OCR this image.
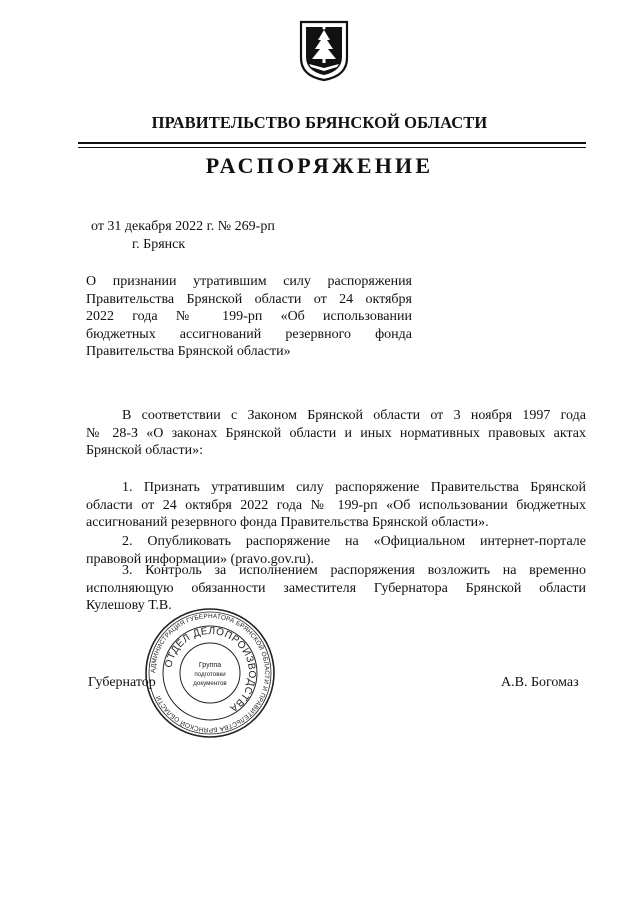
ПРАВИТЕЛЬСТВО БРЯНСКОЙ ОБЛАСТИ
РАСПОРЯЖЕНИЕ
от 31 декабря 2022 г. № 269-рп
г. Брянск
О признании утратившим силу распоряжения
Правительства Брянской области от 24 октября
2022 года № 199-рп «Об использовании
бюджетных ассигнований резервного фонда
Правительства Брянской области»
В соответствии с Законом Брянской области от 3 ноября 1997 года
№ 28-З «О законах Брянской области и иных нормативных правовых актах
Брянской области»:
1. Признать утратившим силу распоряжение Правительства Брянской
области от 24 октября 2022 года № 199-рп «Об использовании бюджетных
ассигнований резервного фонда Правительства Брянской области».
2. Опубликовать распоряжение на «Официальном интернет-портале
правовой информации» (pravo.gov.ru).
3. Контроль за исполнением распоряжения возложить на временно
исполняющую обязанности заместителя Губернатора Брянской области
Кулешову Т.В.
Губернатор	А.В. Богомаз
АДМИНИСТРАЦИЯ ГУБЕРНАТОРА БРЯНСКОЙ ОБЛАСТИ И ПРАВИТЕЛЬСТВА БРЯНСКОЙ ОБЛАСТИ
ОТДЕЛ ДЕЛОПРОИЗВОДСТВА
Группа
подготовки
документов
